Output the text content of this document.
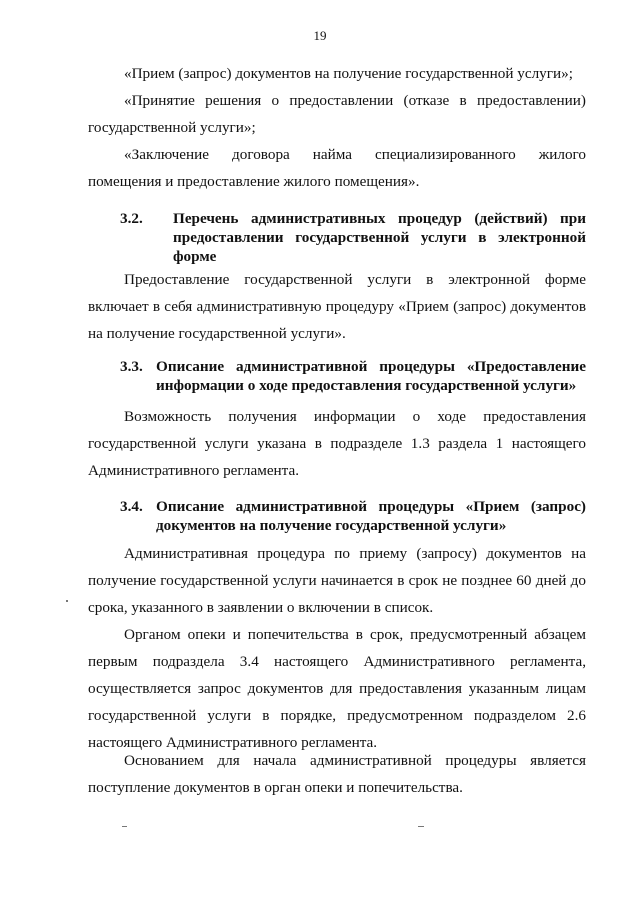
19

«Прием (запрос) документов на получение государственной услуги»;

«Принятие решения о предоставлении (отказе в предоставлении) государственной услуги»;

«Заключение договора найма специализированного жилого помещения и предоставление жилого помещения».

3.2. Перечень административных процедур (действий) при предоставлении государственной услуги в электронной форме

Предоставление государственной услуги в электронной форме включает в себя административную процедуру «Прием (запрос) документов на получение государственной услуги».

3.3. Описание административной процедуры «Предоставление информации о ходе предоставления государственной услуги»

Возможность получения информации о ходе предоставления государственной услуги указана в подразделе 1.3 раздела 1 настоящего Административного регламента.

3.4. Описание административной процедуры «Прием (запрос) документов на получение государственной услуги»

Административная процедура по приему (запросу) документов на получение государственной услуги начинается в срок не позднее 60 дней до срока, указанного в заявлении о включении в список.

Органом опеки и попечительства в срок, предусмотренный абзацем первым подраздела 3.4 настоящего Административного регламента, осуществляется запрос документов для предоставления указанным лицам государственной услуги в порядке, предусмотренном подразделом 2.6 настоящего Административного регламента.

Основанием для начала административной процедуры является поступление документов в орган опеки и попечительства.
